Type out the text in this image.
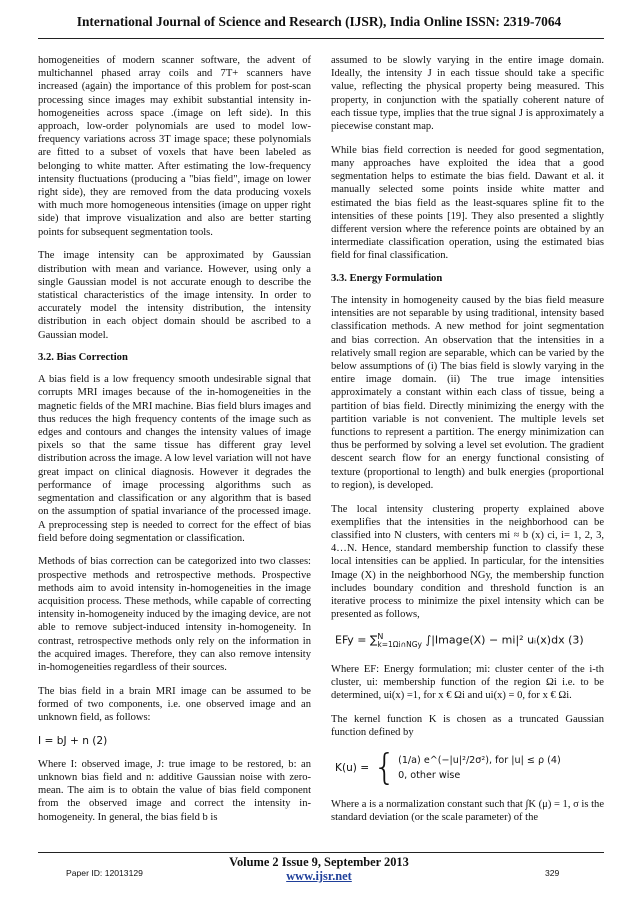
International Journal of Science and Research (IJSR), India Online ISSN: 2319-7064

homogeneities of modern scanner software, the advent of multichannel phased array coils and 7T+ scanners have increased (again) the importance of this problem for post-scan processing since images may exhibit substantial intensity in-homogeneities across space .(image on left side). In this approach, low-order polynomials are used to model low-frequency variations across 3T image space; these polynomials are fitted to a subset of voxels that have been labeled as belonging to white matter. After estimating the low-frequency intensity fluctuations (producing a "bias field", image on lower right side), they are removed from the data producing voxels with much more homogeneous intensities (image on upper right side) that improve visualization and also are better starting points for subsequent segmentation tools.

The image intensity can be approximated by Gaussian distribution with mean and variance. However, using only a single Gaussian model is not accurate enough to describe the statistical characteristics of the image intensity. In order to accurately model the intensity distribution, the intensity distribution in each object domain should be ascribed to a Gaussian model.

3.2. Bias Correction

A bias field is a low frequency smooth undesirable signal that corrupts MRI images because of the in-homogeneities in the magnetic fields of the MRI machine. Bias field blurs images and thus reduces the high frequency contents of the image such as edges and contours and changes the intensity values of image pixels so that the same tissue has different gray level distribution across the image. A low level variation will not have great impact on clinical diagnosis. However it degrades the performance of image processing algorithms such as segmentation and classification or any algorithm that is based on the assumption of spatial invariance of the processed image. A preprocessing step is needed to correct for the effect of bias field before doing segmentation or classification.

Methods of bias correction can be categorized into two classes: prospective methods and retrospective methods. Prospective methods aim to avoid intensity in-homogeneities in the image acquisition process. These methods, while capable of correcting intensity in-homogeneity induced by the imaging device, are not able to remove subject-induced intensity in-homogeneity. In contrast, retrospective methods only rely on the information in the acquired images. Therefore, they can also remove intensity in-homogeneities regardless of their sources.

The bias field in a brain MRI image can be assumed to be formed of two components, i.e. one observed image and an unknown field, as follows:

I = bJ + n (2)

Where I: observed image, J: true image to be restored, b: an unknown bias field and n: additive Gaussian noise with zero-mean. The aim is to obtain the value of bias field component from the observed image and correct the intensity in-homogeneity. In general, the bias field b is

assumed to be slowly varying in the entire image domain. Ideally, the intensity J in each tissue should take a specific value, reflecting the physical property being measured. This property, in conjunction with the spatially coherent nature of each tissue type, implies that the true signal J is approximately a piecewise constant map.

While bias field correction is needed for good segmentation, many approaches have exploited the idea that a good segmentation helps to estimate the bias field. Dawant et al. it manually selected some points inside white matter and estimated the bias field as the least-squares spline fit to the intensities of these points [19]. They also presented a slightly different version where the reference points are obtained by an intermediate classification operation, using the estimated bias field for final classification.

3.3. Energy Formulation

The intensity in homogeneity caused by the bias field measure intensities are not separable by using traditional, intensity based classification methods. A new method for joint segmentation and bias correction. An observation that the intensities in a relatively small region are separable, which can be varied by the below assumptions of (i) The bias field is slowly varying in the entire image domain. (ii) The true image intensities approximately a constant within each class of tissue, being a partition of bias field. Directly minimizing the energy with the partition variable is not convenient. The multiple levels set functions to represent a partition. The energy minimization can thus be performed by solving a level set evolution. The gradient descent search flow for an energy functional consisting of texture (proportional to length) and bulk energies (proportional to region), is developed.

The local intensity clustering property explained above exemplifies that the intensities in the neighborhood can be classified into N clusters, with centers mi ≈ b (x) ci, i= 1, 2, 3, 4…N. Hence, standard membership function to classify these local intensities can be applied. In particular, for the intensities Image (X) in the neighborhood NGy, the membership function includes boundary condition and threshold function is an iterative process to minimize the pixel intensity which can be presented as follows,

EFy = ∑$^N_{k=1\Omega i\cap NGy}$ ∫|Image(X) − mi|² uᵢ(x)dx (3)

Where EF: Energy formulation; mi: cluster center of the i-th cluster, ui: membership function of the region Ωi i.e. to be determined, ui(x) =1, for x € Ωi and ui(x) = 0, for x € Ωi.

The kernel function K is chosen as a truncated Gaussian function defined by

K(u) = { (1/a) e^(−|u|²/2σ²), for |u| ≤ ρ (4)
0, other wise

Where a is a normalization constant such that ∫K (μ) = 1, σ is the standard deviation (or the scale parameter) of the

Volume 2 Issue 9, September 2013
www.ijsr.net
Paper ID: 12013129	329
